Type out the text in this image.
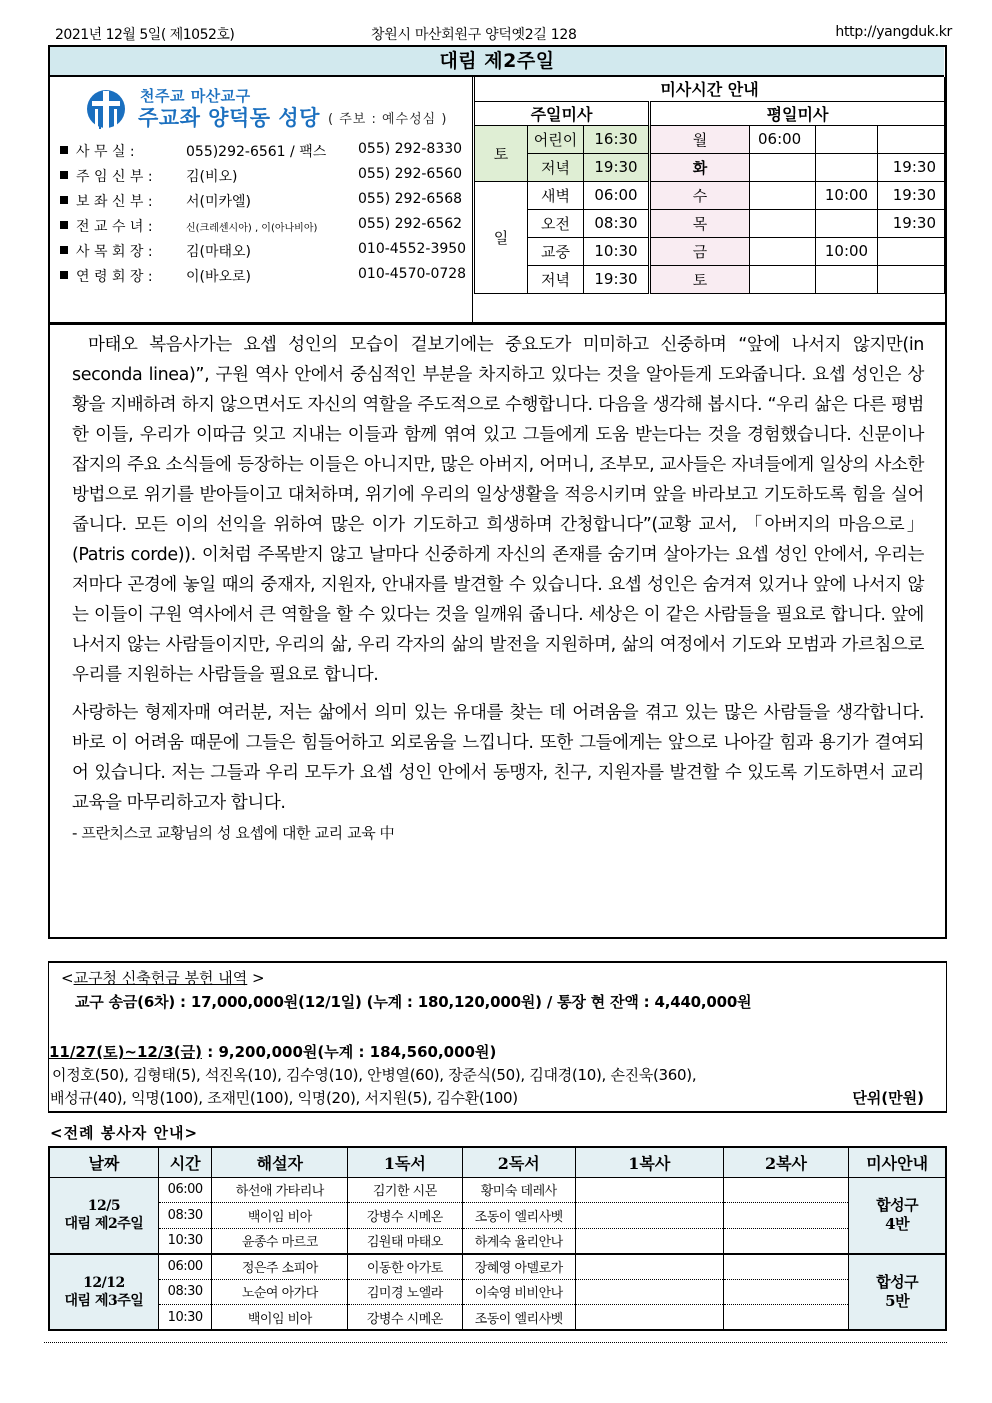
2021년 12월 5일( 제1052호)	창원시 마산회원구 양덕옛2길 128	http://yangduk.kr
대림 제2주일
천주교 마산교구
주교좌 양덕동 성당 ( 주보 : 예수성심 )
사 무 실 :	055)292-6561 / 팩스 055) 292-8330
주 임 신 부 : 김(비오)	055) 292-6560
보 좌 신 부 : 서(미카엘)	055) 292-6568
전 교 수 녀 :	신(크레센시아) , 이(아나비아)	055) 292-6562
사 목 회 장 : 김(마태오)	010-4552-3950
연 령 회 장 : 이(바오로)	010-4570-0728
미사시간 안내						
주일미사			평일미사			
토	어린이	16:30	월	06:00		
	저녁	19:30	화			19:30
일	새벽	06:00	수		10:00	19:30
	오전	08:30	목			19:30
	교중	10:30	금		10:00	
	저녁	19:30	토			

마태오 복음사가는 요셉 성인의 모습이 겉보기에는 중요도가 미미하고 신중하며 “앞에 나서지 않지만(in seconda linea)”, 구원 역사 안에서 중심적인 부분을 차지하고 있다는 것을 알아듣게 도와줍니다. 요셉 성인은 상황을 지배하려 하지 않으면서도 자신의 역할을 주도적으로 수행합니다. 다음을 생각해 봅시다. “우리 삶은 다른 평범한 이들, 우리가 이따금 잊고 지내는 이들과 함께 엮여 있고 그들에게 도움 받는다는 것을 경험했습니다. 신문이나 잡지의 주요 소식들에 등장하는 이들은 아니지만, 많은 아버지, 어머니, 조부모, 교사들은 자녀들에게 일상의 사소한 방법으로 위기를 받아들이고 대처하며, 위기에 우리의 일상생활을 적응시키며 앞을 바라보고 기도하도록 힘을 실어 줍니다. 모든 이의 선익을 위하여 많은 이가 기도하고 희생하며 간청합니다”(교황 교서, 「아버지의 마음으로」(Patris corde)). 이처럼 주목받지 않고 날마다 신중하게 자신의 존재를 숨기며 살아가는 요셉 성인 안에서, 우리는 저마다 곤경에 놓일 때의 중재자, 지원자, 안내자를 발견할 수 있습니다. 요셉 성인은 숨겨져 있거나 앞에 나서지 않는 이들이 구원 역사에서 큰 역할을 할 수 있다는 것을 일깨워 줍니다. 세상은 이 같은 사람들을 필요로 합니다. 앞에 나서지 않는 사람들이지만, 우리의 삶, 우리 각자의 삶의 발전을 지원하며, 삶의 여정에서 기도와 모범과 가르침으로 우리를 지원하는 사람들을 필요로 합니다.

사랑하는 형제자매 여러분, 저는 삶에서 의미 있는 유대를 찾는 데 어려움을 겪고 있는 많은 사람들을 생각합니다. 바로 이 어려움 때문에 그들은 힘들어하고 외로움을 느낍니다. 또한 그들에게는 앞으로 나아갈 힘과 용기가 결여되어 있습니다. 저는 그들과 우리 모두가 요셉 성인 안에서 동맹자, 친구, 지원자를 발견할 수 있도록 기도하면서 교리 교육을 마무리하고자 합니다.

- 프란치스코 교황님의 성 요셉에 대한 교리 교육 中

<교구청 신축헌금 봉헌 내역 >
교구 송금(6차) : 17,000,000원(12/1일) (누계 : 180,120,000원) / 통장 현 잔액 : 4,440,000원
11/27(토)~12/3(금) : 9,200,000원(누계 : 184,560,000원)
이정호(50), 김형태(5), 석진옥(10), 김수영(10), 안병열(60), 장준식(50), 김대경(10), 손진욱(360),
배성규(40), 익명(100), 조재민(100), 익명(20), 서지원(5), 김수환(100)	단위(만원)
<전례 봉사자 안내>
날짜	시간	해설자	1독서	2독서	1복사	2복사	미사안내
12/5
대림 제2주일	06:00	하선애 가타리나	김기한 시몬	황미숙 데레사			합성구
4반
	08:30	백이임 비아	강병수 시메온	조동이 엘리사벳			
	10:30	윤종수 마르코	김원태 마태오	하계숙 율리안나			
12/12
대림 제3주일	06:00	정은주 소피아	이동한 아가토	장혜영 아델로가			합성구
5반
	08:30	노순여 아가다	김미경 노엘라	이숙영 비비안나			
	10:30	백이임 비아	강병수 시메온	조동이 엘리사벳			
